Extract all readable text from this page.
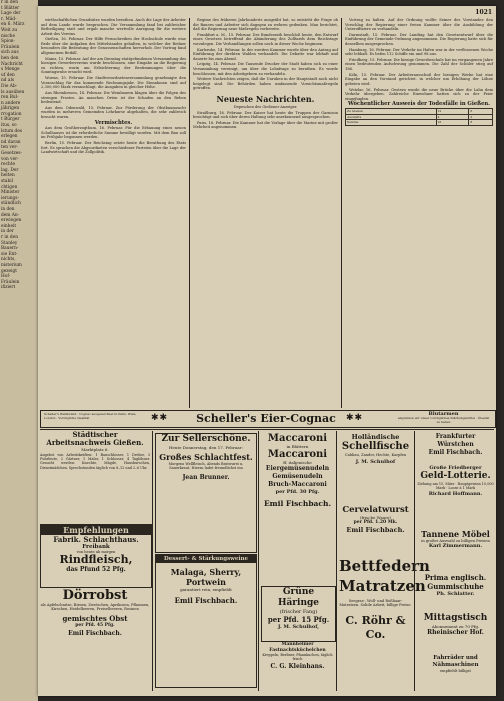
r in den
t Blätter
Lage der
r, Mäd-
en 6. März
Weit zu
nische
Spion-
Fräulein
sich aus
hen den
Nachricht
s Menge
uf den
nd als
Die Ab-
ls ausüben
ren Bul-
n andere
jährigen
rrogation
t Bürger
itus, so
lstum des
erlegen
nd daran
ten ver-
Gesetzes-
von ver-
rechte
lag. Der
heiten
stabil
chtigen
Minister
ierungs-
ständlich
in den
dem An-
erwiegen
einheit
in der
r in den
Stanley
Bauern-
sie Ent-
nichts,
nisterium
gezeigt
Hof-
Fräulein
ifiziert
1021

wirthschaftlichen Grundsätze wurden berathen. Auch die Lage der Arbeiter auf dem Lande wurde besprochen. Die Versammlung fand bei zahlreicher Betheiligung statt und ergab manche wertvolle Anregung für die weitere Arbeit des Vereins.

Gießen, 16. Februar. Der Hilfe Fernschreiben der Hochschule wurde eine Rede über die Aufgaben des Mittelstandes gehalten, in welcher der Redner besonders die Bedeutung der Genossenschaften hervorhob. Der Vortrag fand allgemeinen Beifall.

Mainz, 15. Februar. Auf der am Dienstag stattgefundenen Versammlung des hiesigen Gewerbevereins wurde beschlossen, eine Eingabe an die Regierung zu richten, worin um Erleichterung der Bestimmungen über die Sonntagsruhe ersucht wird.

Worms, 15. Februar. Die Stadtverordnetenversammlung genehmigte den Voranschlag für das kommende Rechnungsjahr. Die Einnahmen sind auf 2,300,000 Mark veranschlagt, die Ausgaben in gleicher Höhe.

Aus Rheinhessen, 14. Februar. Die Weinbauern klagen über die Folgen des strengen Frostes. An manchen Orten ist der Schaden an den Reben bedeutend.

Aus dem Odenwald, 15. Februar. Zur Förderung der Obstbaumzucht wurden in mehreren Gemeinden Lehrkurse abgehalten, die sehr zahlreich besucht waren.

Vermischtes.

Aus dem Großherzogthum, 16. Februar. Für die Erbauung eines neuen Schulhauses ist die erforderliche Summe bewilligt worden. Mit dem Bau soll im Frühjahr begonnen werden.

Berlin, 15. Februar. Der Reichstag setzte heute die Berathung des Etats fort. Es sprachen die Abgeordneten verschiedener Parteien über die Lage der Landwirtschaft und die Zollpolitik.

Regime des früheren Jahrhunderts ausgeübt hat, so entsteht die Frage ob die Bauern und Arbeiter sich dagegen zu wehren gedenken. Man berichtet, daß die Regierung neue Maßregeln vorbereite.

Frankfurt a. M., 15. Februar. Der Bundesrath beschloß heute, den Entwurf eines Gesetzes betreffend die Abänderung des Zolltarifs dem Reichstage vorzulegen. Die Verhandlungen sollen noch in dieser Woche beginnen.

Karlsruhe, 14. Februar. In der zweiten Kammer wurde über den Antrag auf Einführung der direkten Wahlen verhandelt. Die Debatte war lebhaft und dauerte bis zum Abend.

Leipzig, 14. Februar. Die Tausende Drucker der Stadt haben sich zu einer Versammlung vereinigt, um über die Lohnfrage zu berathen. Es wurde beschlossen, mit den Arbeitgebern zu verhandeln.

Weitere Nachrichten zeigen, daß die Unruhen in der Hauptstadt noch nicht beigelegt sind. Die Behörden haben umfassende Vorsichtsmaßregeln getroffen.

Neueste Nachrichten.
Depeschen des Gießener Anzeiger.

Straßburg, 16. Februar. Der Kaiser hat heute die Truppen der Garnison besichtigt und sich über deren Haltung sehr anerkennend ausgesprochen.

Paris, 16. Februar. Die Kammer hat die Vorlage über die Marine mit großer Mehrheit angenommen.

Vortrag zu halten. Auf der Ordnung wollte Seiner des Vorstandes den Vorschlag der Regierung einer freien Kammer über die Ausbildung der Unteroffiziere zu verhandeln.

Darmstadt, 15. Februar. Der Landtag hat den Gesetzentwurf über die Einführung der Gemeinde-Ordnung angenommen. Die Regierung hatte sich für denselben ausgesprochen.

Hamburg, 16. Februar. Der Verkehr im Hafen war in der verflossenen Woche sehr lebhaft. Es liefen 112 Schiffe ein und 98 aus.

Friedberg, 15. Februar. Die hiesige Gewerbeschule hat im vergangenen Jahre einen bedeutenden Aufschwung genommen. Die Zahl der Schüler stieg auf 186.

Köln, 15. Februar. Der Arbeiterausschuß der hiesigen Werke hat eine Eingabe an den Vorstand gerichtet, in welcher um Erhöhung der Löhne gebeten wird.

Wetzlar, 16. Februar. Gestern wurde die neue Brücke über die Lahn dem Verkehr übergeben. Zahlreiche Einwohner hatten sich zu der Feier eingefunden.

Wöchentlicher Ausweis der Todesfälle in Gießen.
Zu Gießen	12	6
Auswärts	4	2
Summe	16	8
Scheller's Weinbrand · Cognac ausgezeichnet in Paris, Wien, London · Vorzügliche Qualität	✱✱	Scheller's Eier-Cognac ✱✱	Blutarmen
empfehlen wir unser vorzügliches Stärkungsmittel · Überall zu haben
Städtischer Arbeitsnachweis Gießen.
Marktplatz 6.
Angebot von Arbeitskräften: 1 Bauschlosser, 1 Dreher, 3 Fuhrleute, 2 Gärtner, 1 Maler, 1 Schlosser, 4 Taglöhner. Gesucht werden: Knechte, Mägde, Hausburschen, Dienstmädchen. Sprechstunden täglich von 8–12 und 2–6 Uhr.
Empfehlungen
Fabrik. Schlachthaus.
Freibank
von heute ab morgen
Rindfleisch,
das Pfund 52 Pfg.
Dörrobst
als Apfelschnitze, Birnen, Zwetschen, Aprikosen, Pflaumen, Kirschen, Heidelbeeren, Preiselbeeren, Rosinen
gemischtes Obst
per Pfd. 45 Pfg.
Emil Fischbach.
Zur Sellerschöne.
Heute Donnerstag, den 17. Februar:
Großes Schlachtfest.
Morgens Wellfleisch, Abends Bratwurst u. Sauerkraut. Hierzu ladet freundlichst ein
Jean Brunner.
Dessert- & Stärkungsweine
Malaga, Sherry, Portwein
garantiert rein, empfiehlt
Emil Fischbach.
Maccaroni
in Blättern
Maccaroni
ff. italienische
Eiergemüsenudeln
Gemüsenudeln
Bruch-Maccaroni
per Pfd. 30 Pfg.
Emil Fischbach.
Grüne Häringe
(frischer Fang)
per Pfd. 15 Pfg.
J. M. Schulhof,
Mannheimer Fastnachtsküchelchen
Kreppeln, Berliner, Pfannkuchen, täglich frisch
C. G. Kleinhans.
Holländische
Schellfische
Cabliau, Zander, Hechte, Karpfen
J. M. Schulhof
Cervelatwurst
(frische Waare)
per Pfd. 1.20 Mk.
Emil Fischbach.
Bettfedern
Matratzen
Seegras-, Woll- und Roßhaar-Matratzen. Solide Arbeit, billige Preise.
C. Röhr & Co.
Frankfurter Würstchen
Emil Fischbach.
Große Friedberger
Geld-Lotterie.
Ziehung am 15. März · Hauptgewinn 10,000 Mark · Loose à 1 Mark
Richard Hoffmann.
Tannene Möbel
in großer Auswahl zu billigen Preisen
Karl Zimmermann.
Prima englisch. Gummischuhe
Ph. Schlatter.
Mittagstisch
Abonnement zu 70 Pfg.
Rheinischer Hof.
Fahrräder und Nähmaschinen
empfiehlt billigst
